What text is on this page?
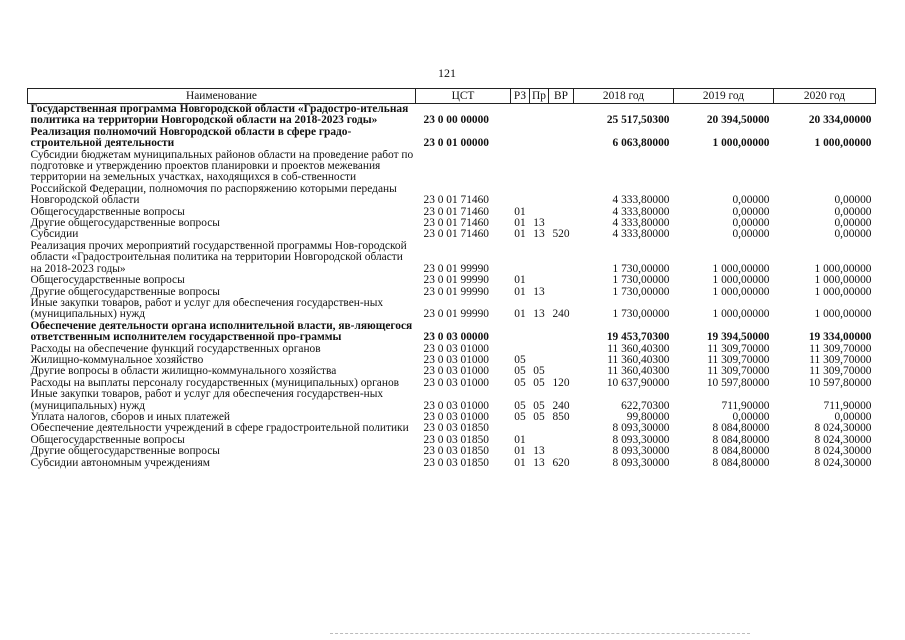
121
Наименование	ЦСТ	РЗ	Пр	ВР	2018 год	2019 год	2020 год
Государственная программа Новгородской области «Градостро-ительная политика на территории Новгородской области на 2018-2023 годы»	23 0 00 00000				25 517,50300	20 394,50000	20 334,00000
Реализация полномочий Новгородской области в сфере градо-строительной деятельности	23 0 01 00000				6 063,80000	1 000,00000	1 000,00000
Субсидии бюджетам муниципальных районов области на проведение работ по подготовке и утверждению проектов планировки и проектов межевания территории на земельных участках, находящихся в соб-ственности Российской Федерации, полномочия по распоряжению которыми переданы Новгородской области	23 0 01 71460				4 333,80000	0,00000	0,00000
Общегосударственные вопросы	23 0 01 71460	01			4 333,80000	0,00000	0,00000
Другие общегосударственные вопросы	23 0 01 71460	01	13		4 333,80000	0,00000	0,00000
Субсидии	23 0 01 71460	01	13	520	4 333,80000	0,00000	0,00000
Реализация прочих мероприятий государственной программы Нов-городской области «Градостроительная политика на территории Новгородской области на 2018-2023 годы»	23 0 01 99990				1 730,00000	1 000,00000	1 000,00000
Общегосударственные вопросы	23 0 01 99990	01			1 730,00000	1 000,00000	1 000,00000
Другие общегосударственные вопросы	23 0 01 99990	01	13		1 730,00000	1 000,00000	1 000,00000
Иные закупки товаров, работ и услуг для обеспечения государствен-ных (муниципальных) нужд	23 0 01 99990	01	13	240	1 730,00000	1 000,00000	1 000,00000
Обеспечение деятельности органа исполнительной власти, яв-ляющегося ответственным исполнителем государственной про-граммы	23 0 03 00000				19 453,70300	19 394,50000	19 334,00000
Расходы на обеспечение функций государственных органов	23 0 03 01000				11 360,40300	11 309,70000	11 309,70000
Жилищно-коммунальное хозяйство	23 0 03 01000	05			11 360,40300	11 309,70000	11 309,70000
Другие вопросы в области жилищно-коммунального хозяйства	23 0 03 01000	05	05		11 360,40300	11 309,70000	11 309,70000
Расходы на выплаты персоналу государственных (муниципальных) органов	23 0 03 01000	05	05	120	10 637,90000	10 597,80000	10 597,80000
Иные закупки товаров, работ и услуг для обеспечения государствен-ных (муниципальных) нужд	23 0 03 01000	05	05	240	622,70300	711,90000	711,90000
Уплата налогов, сборов и иных платежей	23 0 03 01000	05	05	850	99,80000	0,00000	0,00000
Обеспечение деятельности учреждений в сфере градостроительной политики	23 0 03 01850				8 093,30000	8 084,80000	8 024,30000
Общегосударственные вопросы	23 0 03 01850	01			8 093,30000	8 084,80000	8 024,30000
Другие общегосударственные вопросы	23 0 03 01850	01	13		8 093,30000	8 084,80000	8 024,30000
Субсидии автономным учреждениям	23 0 03 01850	01	13	620	8 093,30000	8 084,80000	8 024,30000
